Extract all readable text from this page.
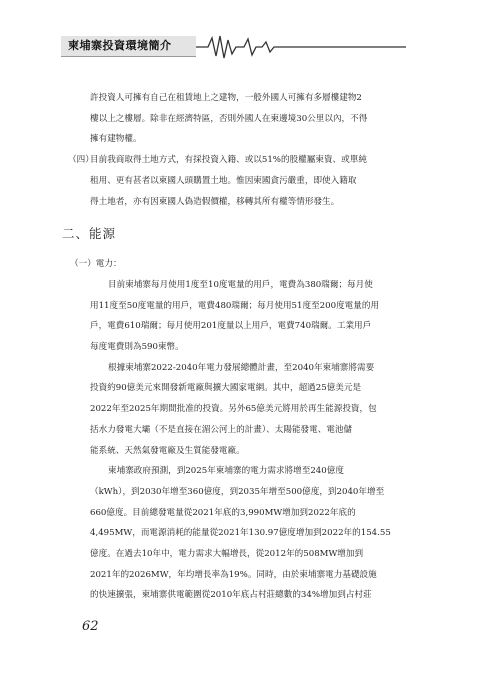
柬埔寨投資環境簡介
許投資人可擁有自己在租賃地上之建物，一般外國人可擁有多層樓建物2
樓以上之樓層。除非在經濟特區，否則外國人在柬邊境30公里以內，不得
擁有建物權。
（四）
目前我商取得土地方式，有採投資入籍、或以51%的股權屬柬資、或單純
租用、更有甚者以柬國人頭購置土地。惟因柬國貪污嚴重，即使入籍取
得土地者，亦有因柬國人偽造假價權，移轉其所有權等情形發生。
二、能源
（一）電力：
目前柬埔寨每月使用1度至10度電量的用戶，電費為380瑞爾；每月使
用11度至50度電量的用戶，電費480瑞爾；每月使用51度至200度電量的用
戶，電費610瑞爾；每月使用201度量以上用戶，電費740瑞爾。工業用戶
每度電費則為590柬幣。
根據柬埔寨2022-2040年電力發展總體計畫，至2040年柬埔寨將需要
投資約90億美元來開發新電廠與擴大國家電網。其中，超過25億美元是
2022年至2025年期間批准的投資。另外65億美元將用於再生能源投資，包
括水力發電大壩（不是直接在湄公河上的計畫）、太陽能發電、電池儲
能系統、天然氣發電廠及生質能發電廠。
柬埔寨政府預測，到2025年柬埔寨的電力需求將增至240億度
（kWh），到2030年增至360億度，到2035年增至500億度，到2040年增至
660億度。目前總發電量從2021年底的3,990MW增加到2022年底的
4,495MW，而電源消耗的能量從2021年130.97億度增加到2022年的154.55
億度。在過去10年中，電力需求大幅增長，從2012年的508MW增加到
2021年的2026MW，年均增長率為19%。同時，由於柬埔寨電力基礎設施
的快速擴張，柬埔寨供電範圍從2010年底占村莊總數的34%增加到占村莊
62
